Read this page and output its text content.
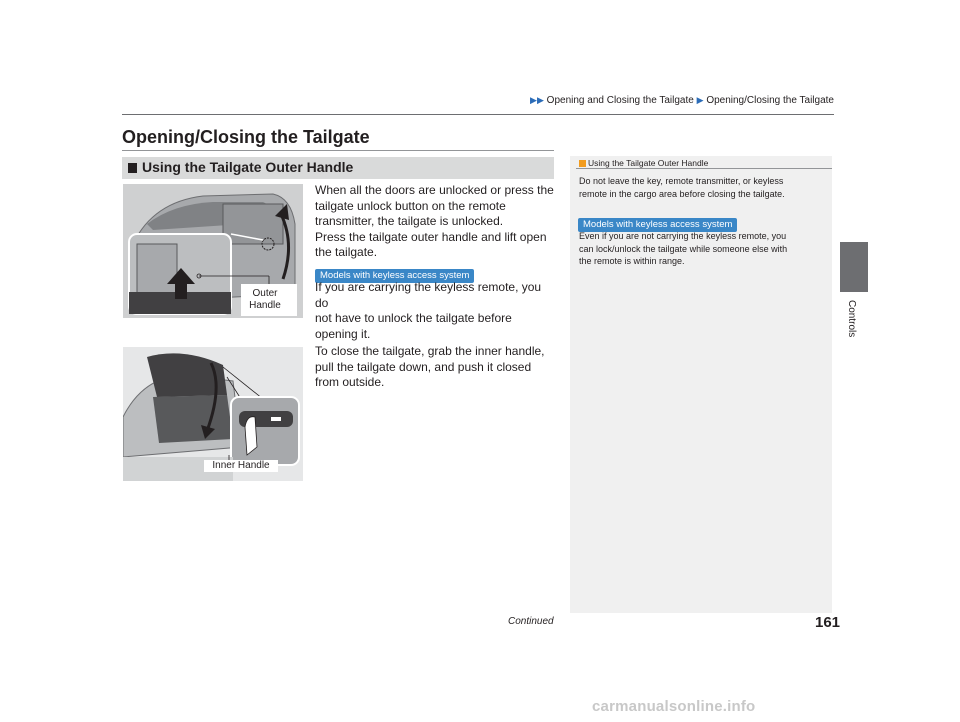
▶▶ Opening and Closing the Tailgate ▶ Opening/Closing the Tailgate
Opening/Closing the Tailgate
Using the Tailgate Outer Handle
Outer
Handle
Inner Handle
When all the doors are unlocked or press the
tailgate unlock button on the remote
transmitter, the tailgate is unlocked.
Press the tailgate outer handle and lift open
the tailgate.
Models with keyless access system
If you are carrying the keyless remote, you do
not have to unlock the tailgate before
opening it.
To close the tailgate, grab the inner handle,
pull the tailgate down, and push it closed
from outside.
Using the Tailgate Outer Handle
Do not leave the key, remote transmitter, or keyless
remote in the cargo area before closing the tailgate.
Models with keyless access system
Even if you are not carrying the keyless remote, you
can lock/unlock the tailgate while someone else with
the remote is within range.
Controls
Continued	161
carmanualsonline.info
